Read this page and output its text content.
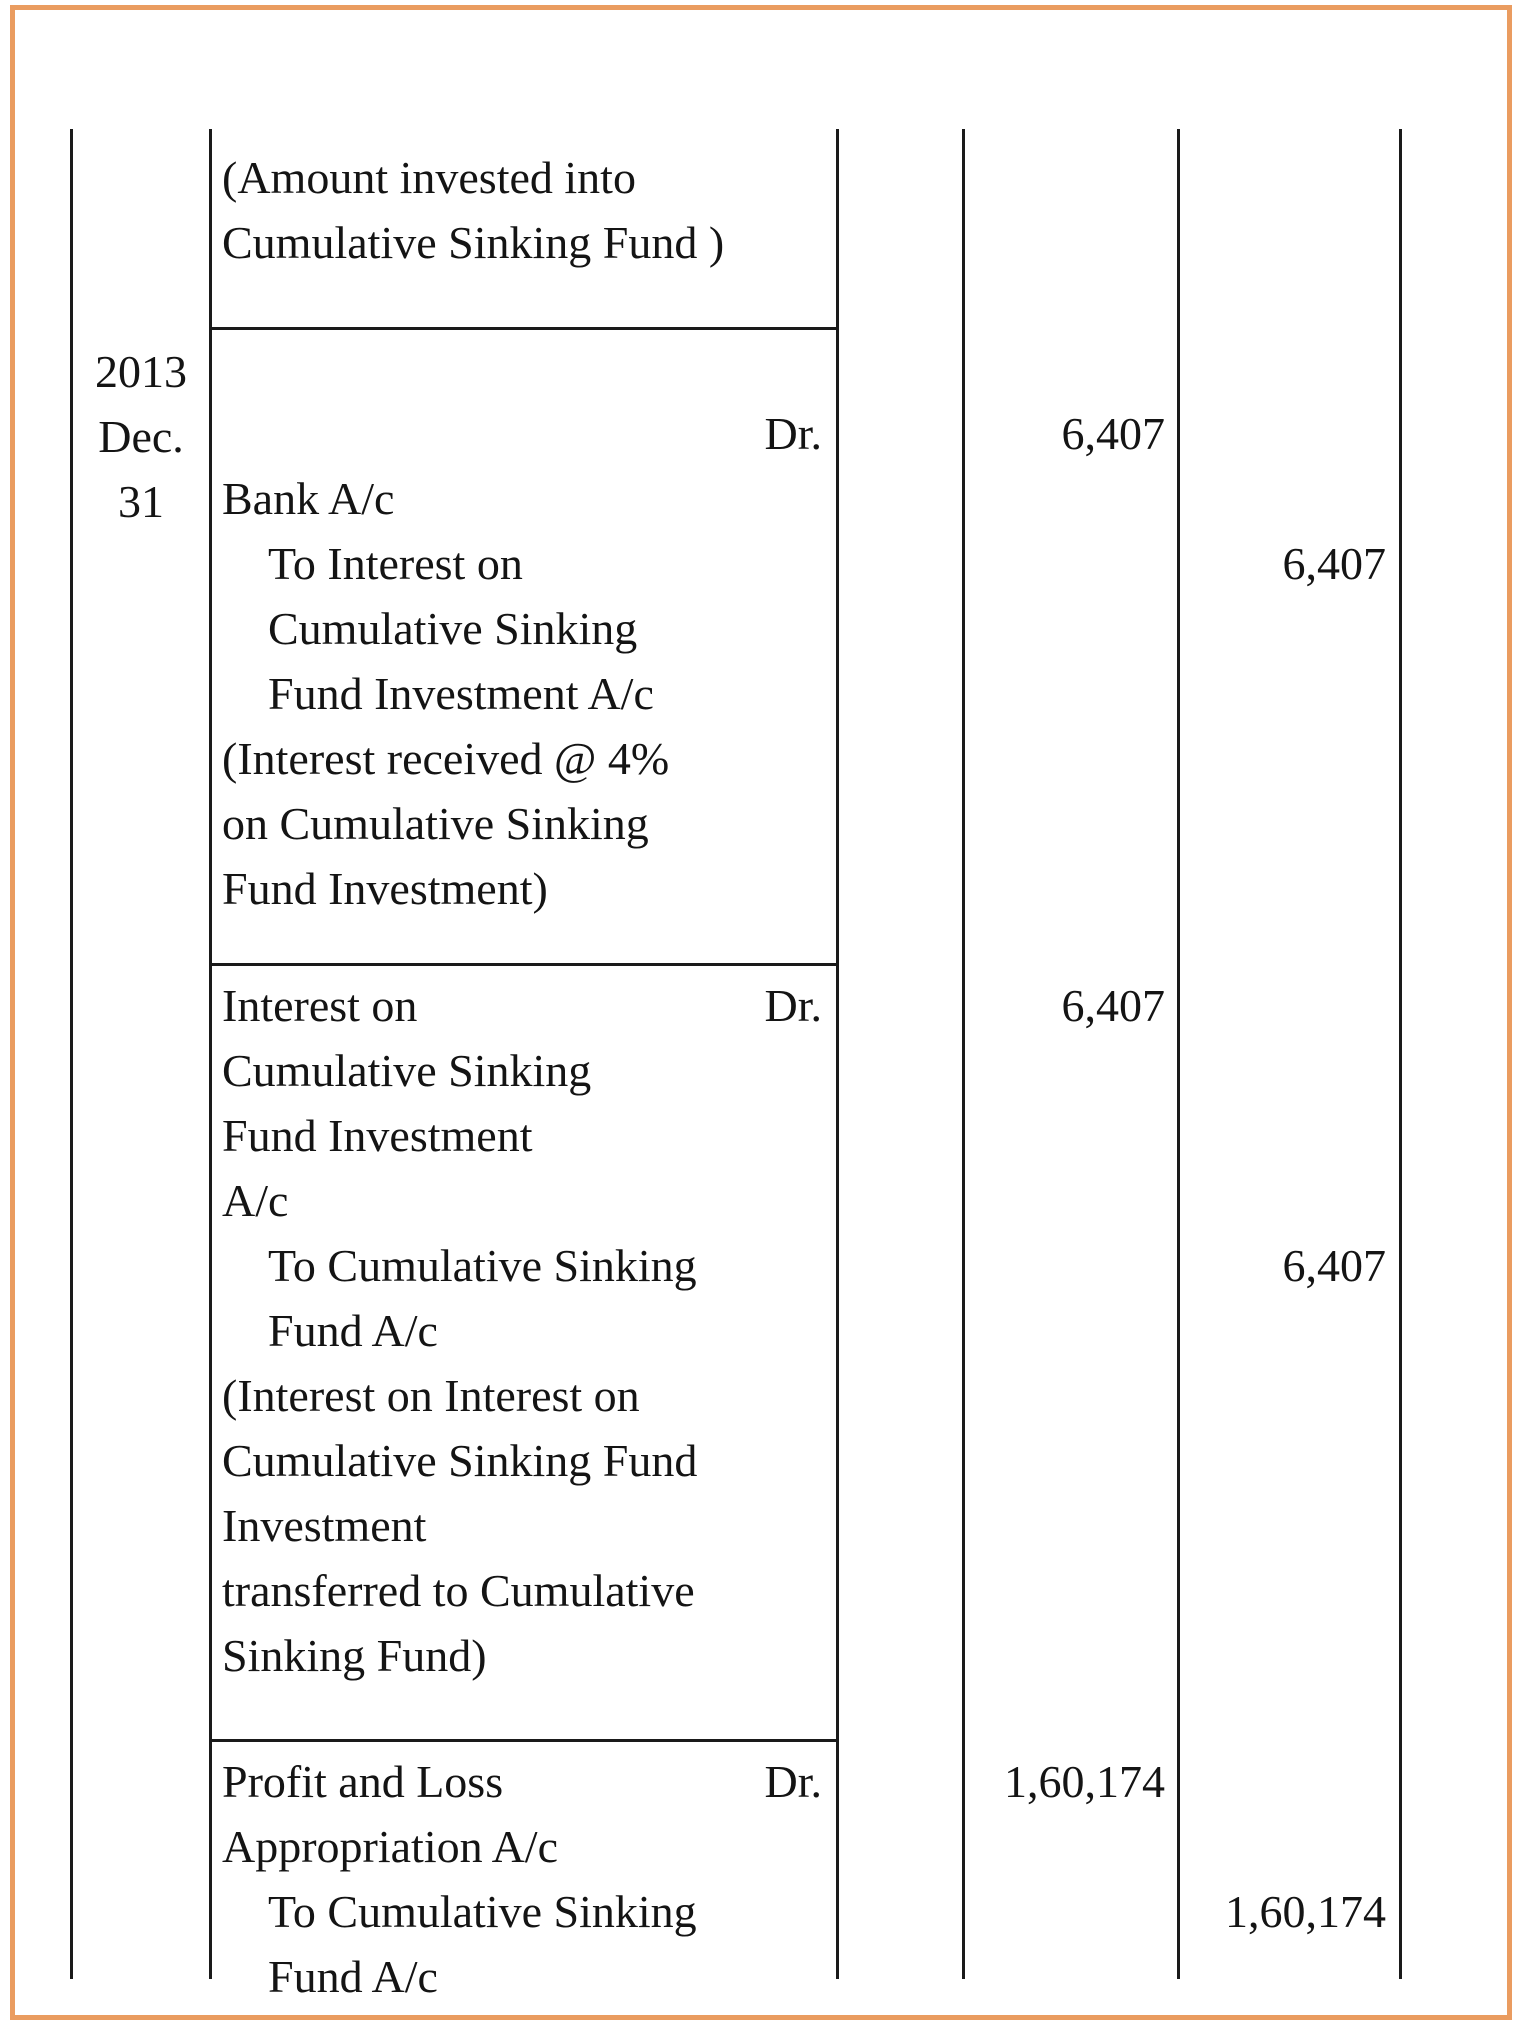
2013
Dec.
31
(Amount invested into
Cumulative Sinking Fund )
Dr.
Bank A/c
To Interest on
Cumulative Sinking
Fund Investment A/c
(Interest received @ 4%
on Cumulative Sinking
Fund Investment)
6,407
6,407
Interest on	Dr.
Cumulative Sinking
Fund Investment
A/c
To Cumulative Sinking
Fund A/c
(Interest on Interest on
Cumulative Sinking Fund
Investment
transferred to Cumulative
Sinking Fund)
6,407
6,407
Profit and Loss	Dr.
Appropriation A/c
To Cumulative Sinking
Fund A/c
1,60,174
1,60,174
